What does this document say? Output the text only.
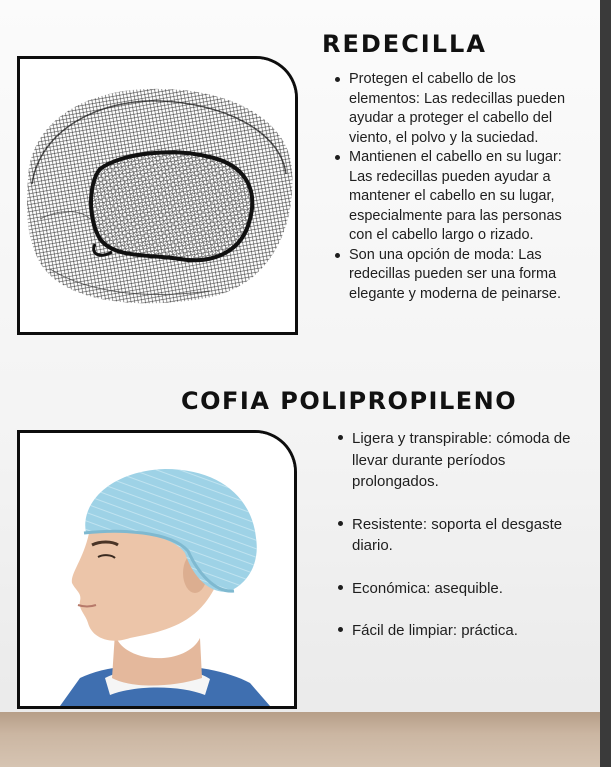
REDECILLA
Protegen el cabello de los elementos: Las redecillas pueden ayudar a proteger el cabello del viento, el polvo y la suciedad.
Mantienen el cabello en su lugar: Las redecillas pueden ayudar a mantener el cabello en su lugar, especialmente para las personas con el cabello largo o rizado.
Son una opción de moda: Las redecillas pueden ser una forma elegante y moderna de peinarse.
COFIA POLIPROPILENO
Ligera y transpirable: cómoda de llevar durante períodos prolongados.
Resistente: soporta el desgaste diario.
Económica: asequible.
Fácil de limpiar: práctica.
